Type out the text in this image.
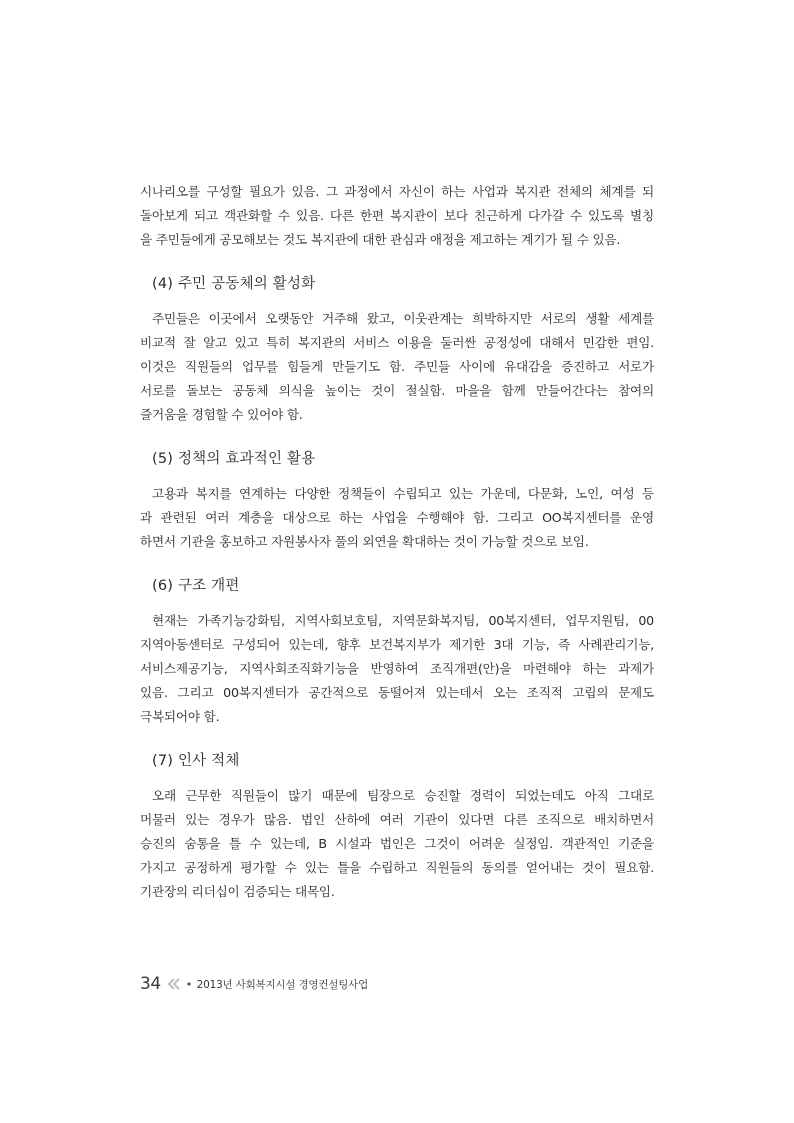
시나리오를 구성할 필요가 있음. 그 과정에서 자신이 하는 사업과 복지관 전체의 체계를 되
돌아보게 되고 객관화할 수 있음. 다른 한편 복지관이 보다 친근하게 다가갈 수 있도록 별칭
을 주민들에게 공모해보는 것도 복지관에 대한 관심과 애정을 제고하는 계기가 될 수 있음.

(4) 주민 공동체의 활성화

주민들은 이곳에서 오랫동안 거주해 왔고, 이웃관계는 희박하지만 서로의 생활 세계를
비교적 잘 알고 있고 특히 복지관의 서비스 이용을 둘러싼 공정성에 대해서 민감한 편임.
이것은 직원들의 업무를 힘들게 만들기도 함. 주민들 사이에 유대감을 증진하고 서로가
서로를 돌보는 공동체 의식을 높이는 것이 절실함. 마을을 함께 만들어간다는 참여의
즐거움을 경험할 수 있어야 함.

(5) 정책의 효과적인 활용

고용과 복지를 연계하는 다양한 정책들이 수립되고 있는 가운데, 다문화, 노인, 여성 등
과 관련된 여러 계층을 대상으로 하는 사업을 수행해야 함. 그리고 OO복지센터를 운영
하면서 기관을 홍보하고 자원봉사자 풀의 외연을 확대하는 것이 가능할 것으로 보임.

(6) 구조 개편

현재는 가족기능강화팀, 지역사회보호팀, 지역문화복지팀, 00복지센터, 업무지원팀, 00
지역아동센터로 구성되어 있는데, 향후 보건복지부가 제기한 3대 기능, 즉 사례관리기능,
서비스제공기능, 지역사회조직화기능을 반영하여 조직개편(안)을 마련해야 하는 과제가
있음. 그리고 00복지센터가 공간적으로 동떨어져 있는데서 오는 조직적 고립의 문제도
극복되어야 함.

(7) 인사 적체

오래 근무한 직원들이 많기 때문에 팀장으로 승진할 경력이 되었는데도 아직 그대로
머물러 있는 경우가 많음. 법인 산하에 여러 기관이 있다면 다른 조직으로 배치하면서
승진의 숨통을 틀 수 있는데, B 시설과 법인은 그것이 어려운 실정임. 객관적인 기준을
가지고 공정하게 평가할 수 있는 틀을 수립하고 직원들의 동의를 얻어내는 것이 필요함.
기관장의 리더십이 검증되는 대목임.

34	2013년 사회복지시설 경영컨설팅사업
